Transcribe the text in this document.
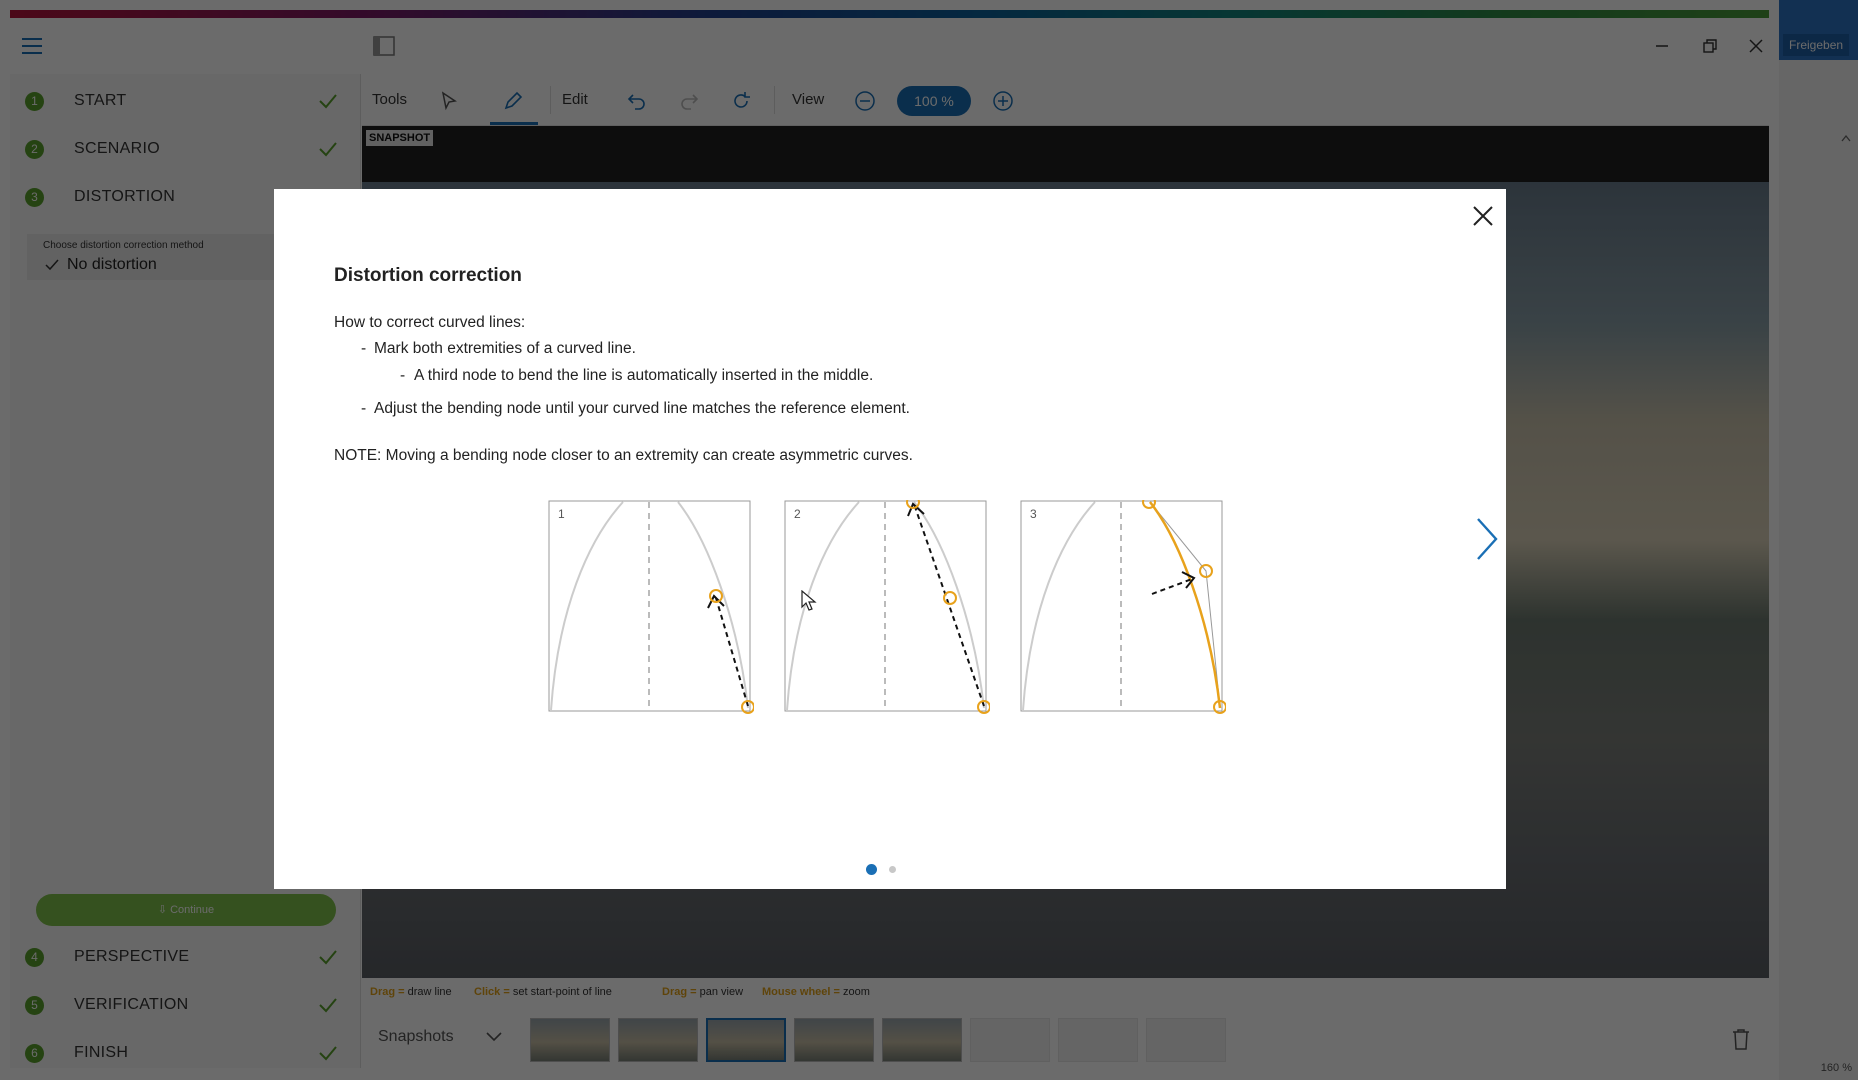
Distortion correction
How to correct curved lines:
- Mark both extremities of a curved line.
- A third node to bend the line is automatically inserted in the middle.
- Adjust the bending node until your curved line matches the reference element.
NOTE: Moving a bending node closer to an extremity can create asymmetric curves.
1	2	3
